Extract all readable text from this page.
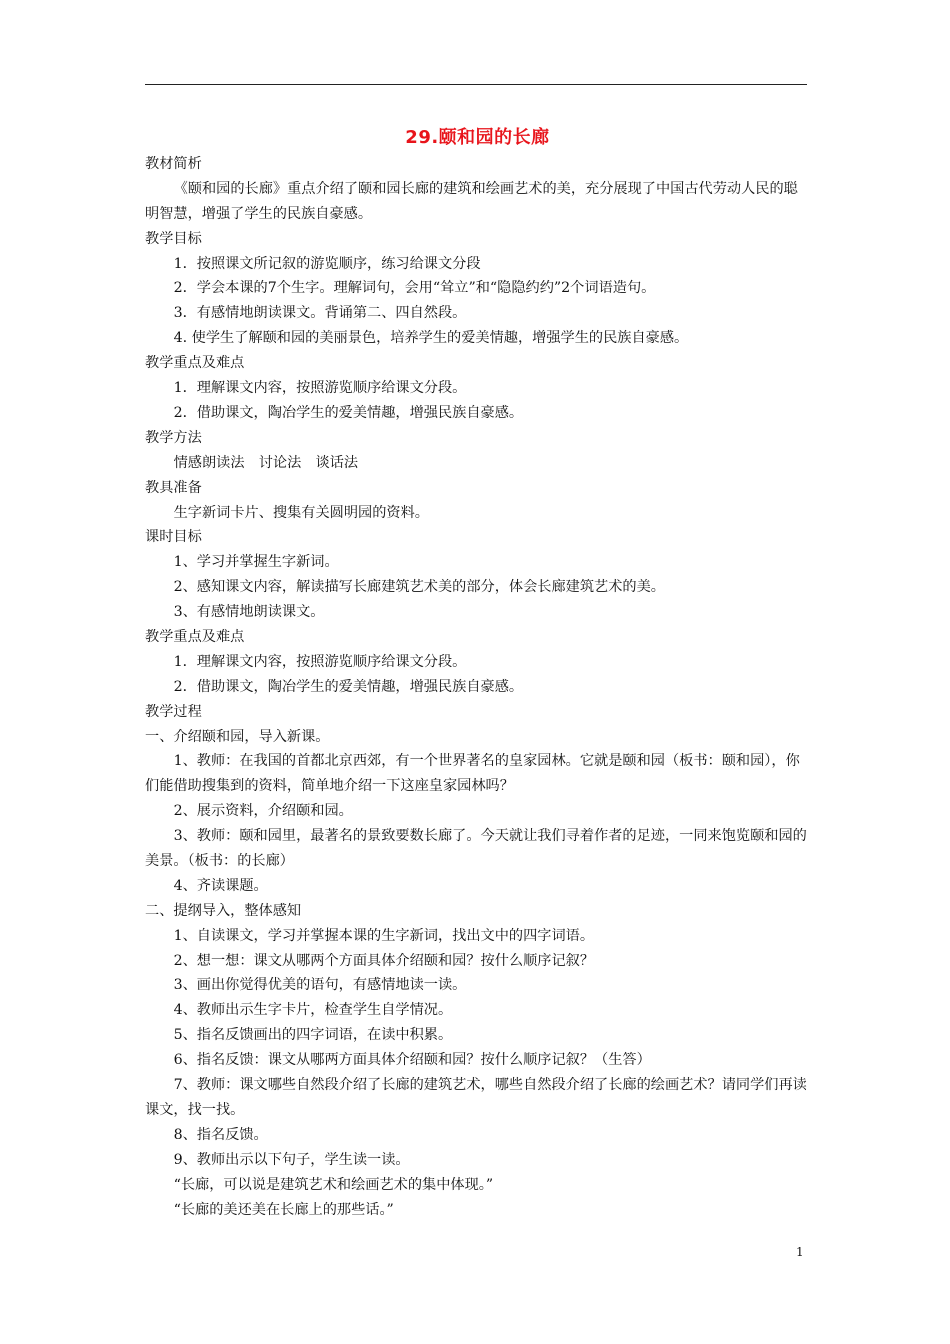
29.颐和园的长廊
教材简析
《颐和园的长廊》重点介绍了颐和园长廊的建筑和绘画艺术的美，充分展现了中国古代劳动人民的聪明智慧，增强了学生的民族自豪感。
教学目标
1．按照课文所记叙的游览顺序，练习给课文分段
2．学会本课的7个生字。理解词句，会用“耸立”和“隐隐约约”2个词语造句。
3．有感情地朗读课文。背诵第二、四自然段。
4. 使学生了解颐和园的美丽景色，培养学生的爱美情趣，增强学生的民族自豪感。
教学重点及难点
1．理解课文内容，按照游览顺序给课文分段。
2．借助课文，陶冶学生的爱美情趣，增强民族自豪感。
教学方法
情感朗读法　讨论法　谈话法
教具准备
生字新词卡片、搜集有关圆明园的资料。
课时目标
1、学习并掌握生字新词。
2、感知课文内容，解读描写长廊建筑艺术美的部分，体会长廊建筑艺术的美。
3、有感情地朗读课文。
教学重点及难点
1．理解课文内容，按照游览顺序给课文分段。
2．借助课文，陶冶学生的爱美情趣，增强民族自豪感。
教学过程
一、介绍颐和园，导入新课。
1、教师：在我国的首都北京西郊，有一个世界著名的皇家园林。它就是颐和园（板书：颐和园），你们能借助搜集到的资料，简单地介绍一下这座皇家园林吗？
2、展示资料，介绍颐和园。
3、教师：颐和园里，最著名的景致要数长廊了。今天就让我们寻着作者的足迹，一同来饱览颐和园的美景。（板书：的长廊）
4、齐读课题。
二、提纲导入，整体感知
1、自读课文，学习并掌握本课的生字新词，找出文中的四字词语。
2、想一想：课文从哪两个方面具体介绍颐和园？按什么顺序记叙？
3、画出你觉得优美的语句，有感情地读一读。
4、教师出示生字卡片，检查学生自学情况。
5、指名反馈画出的四字词语，在读中积累。
6、指名反馈：课文从哪两方面具体介绍颐和园？按什么顺序记叙？（生答）
7、教师：课文哪些自然段介绍了长廊的建筑艺术，哪些自然段介绍了长廊的绘画艺术？请同学们再读课文，找一找。
8、指名反馈。
9、教师出示以下句子，学生读一读。
“长廊，可以说是建筑艺术和绘画艺术的集中体现。”
“长廊的美还美在长廊上的那些话。”
1
